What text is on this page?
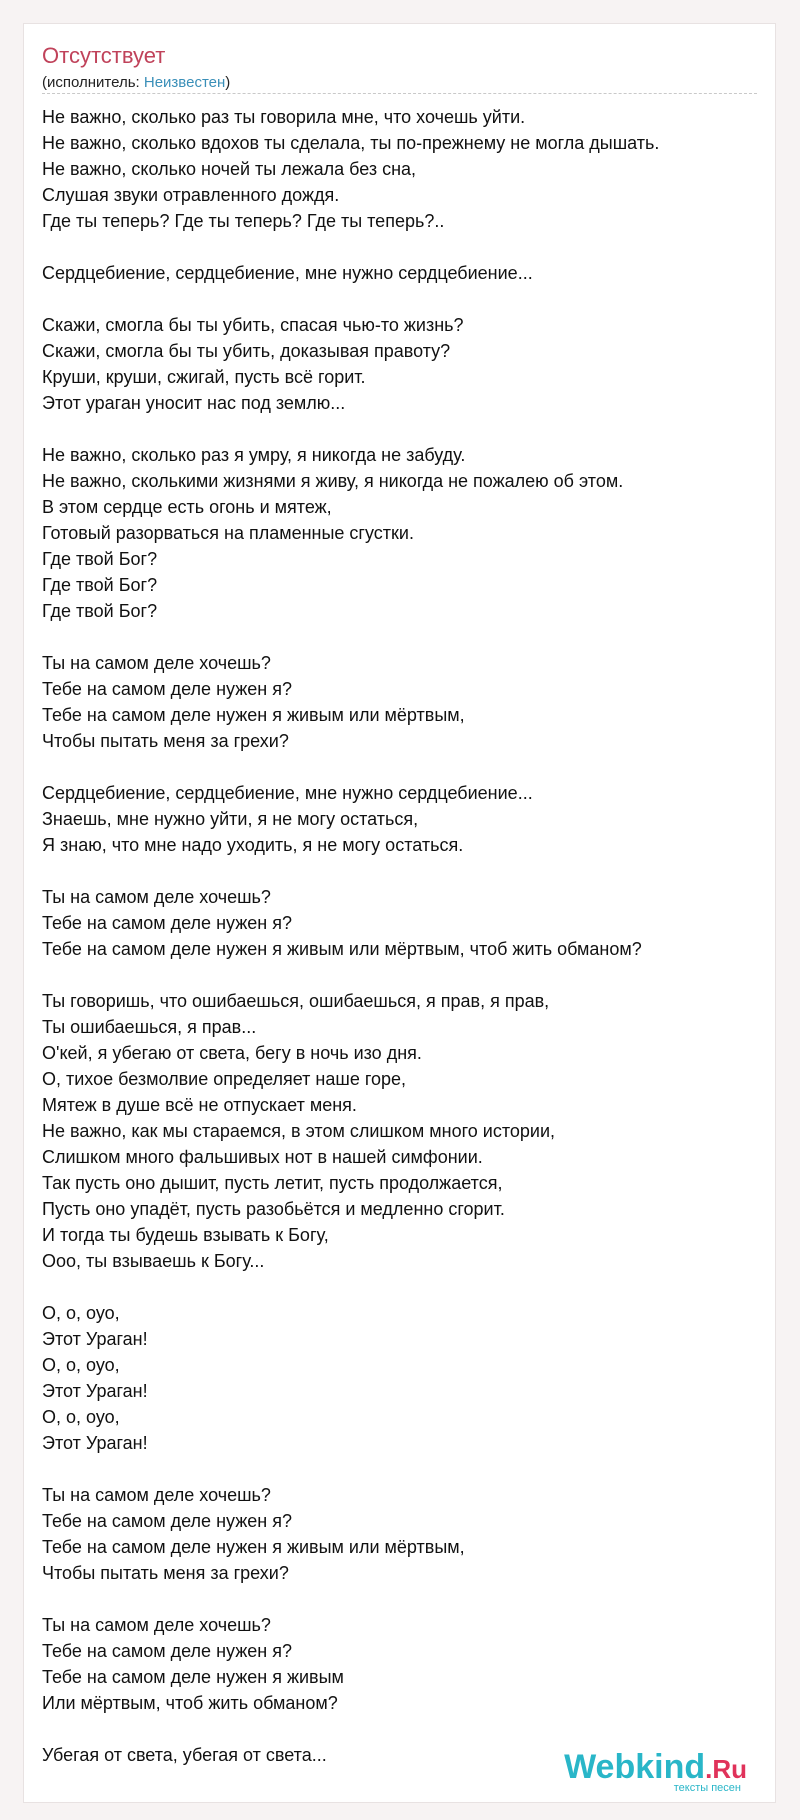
Отсутствует
(исполнитель: Неизвестен)
Не важно, сколько раз ты говорила мне, что хочешь уйти.
Не важно, сколько вдохов ты сделала, ты по-прежнему не могла дышать.
Не важно, сколько ночей ты лежала без сна,
Слушая звуки отравленного дождя.
Где ты теперь? Где ты теперь? Где ты теперь?..
Сердцебиение, сердцебиение, мне нужно сердцебиение...
Скажи, смогла бы ты убить, спасая чью-то жизнь?
Скажи, смогла бы ты убить, доказывая правоту?
Круши, круши, сжигай, пусть всё горит.
Этот ураган уносит нас под землю...
Не важно, сколько раз я умру, я никогда не забуду.
Не важно, сколькими жизнями я живу, я никогда не пожалею об этом.
В этом сердце есть огонь и мятеж,
Готовый разорваться на пламенные сгустки.
Где твой Бог?
Где твой Бог?
Где твой Бог?
Ты на самом деле хочешь?
Тебе на самом деле нужен я?
Тебе на самом деле нужен я живым или мёртвым,
Чтобы пытать меня за грехи?
Сердцебиение, сердцебиение, мне нужно сердцебиение...
Знаешь, мне нужно уйти, я не могу остаться,
Я знаю, что мне надо уходить, я не могу остаться.
Ты на самом деле хочешь?
Тебе на самом деле нужен я?
Тебе на самом деле нужен я живым или мёртвым, чтоб жить обманом?
Ты говоришь, что ошибаешься, ошибаешься, я прав, я прав,
Ты ошибаешься, я прав...
О'кей, я убегаю от света, бегу в ночь изо дня.
О, тихое безмолвие определяет наше горе,
Мятеж в душе всё не отпускает меня.
Не важно, как мы стараемся, в этом слишком много истории,
Слишком много фальшивых нот в нашей симфонии.
Так пусть оно дышит, пусть летит, пусть продолжается,
Пусть оно упадёт, пусть разобьётся и медленно сгорит.
И тогда ты будешь взывать к Богу,
Ооо, ты взываешь к Богу...
О, о, оуо,
Этот Ураган!
О, о, оуо,
Этот Ураган!
О, о, оуо,
Этот Ураган!
Ты на самом деле хочешь?
Тебе на самом деле нужен я?
Тебе на самом деле нужен я живым или мёртвым,
Чтобы пытать меня за грехи?
Ты на самом деле хочешь?
Тебе на самом деле нужен я?
Тебе на самом деле нужен я живым
Или мёртвым, чтоб жить обманом?
Убегая от света, убегая от света...	Webkind.Ru
тексты песен
